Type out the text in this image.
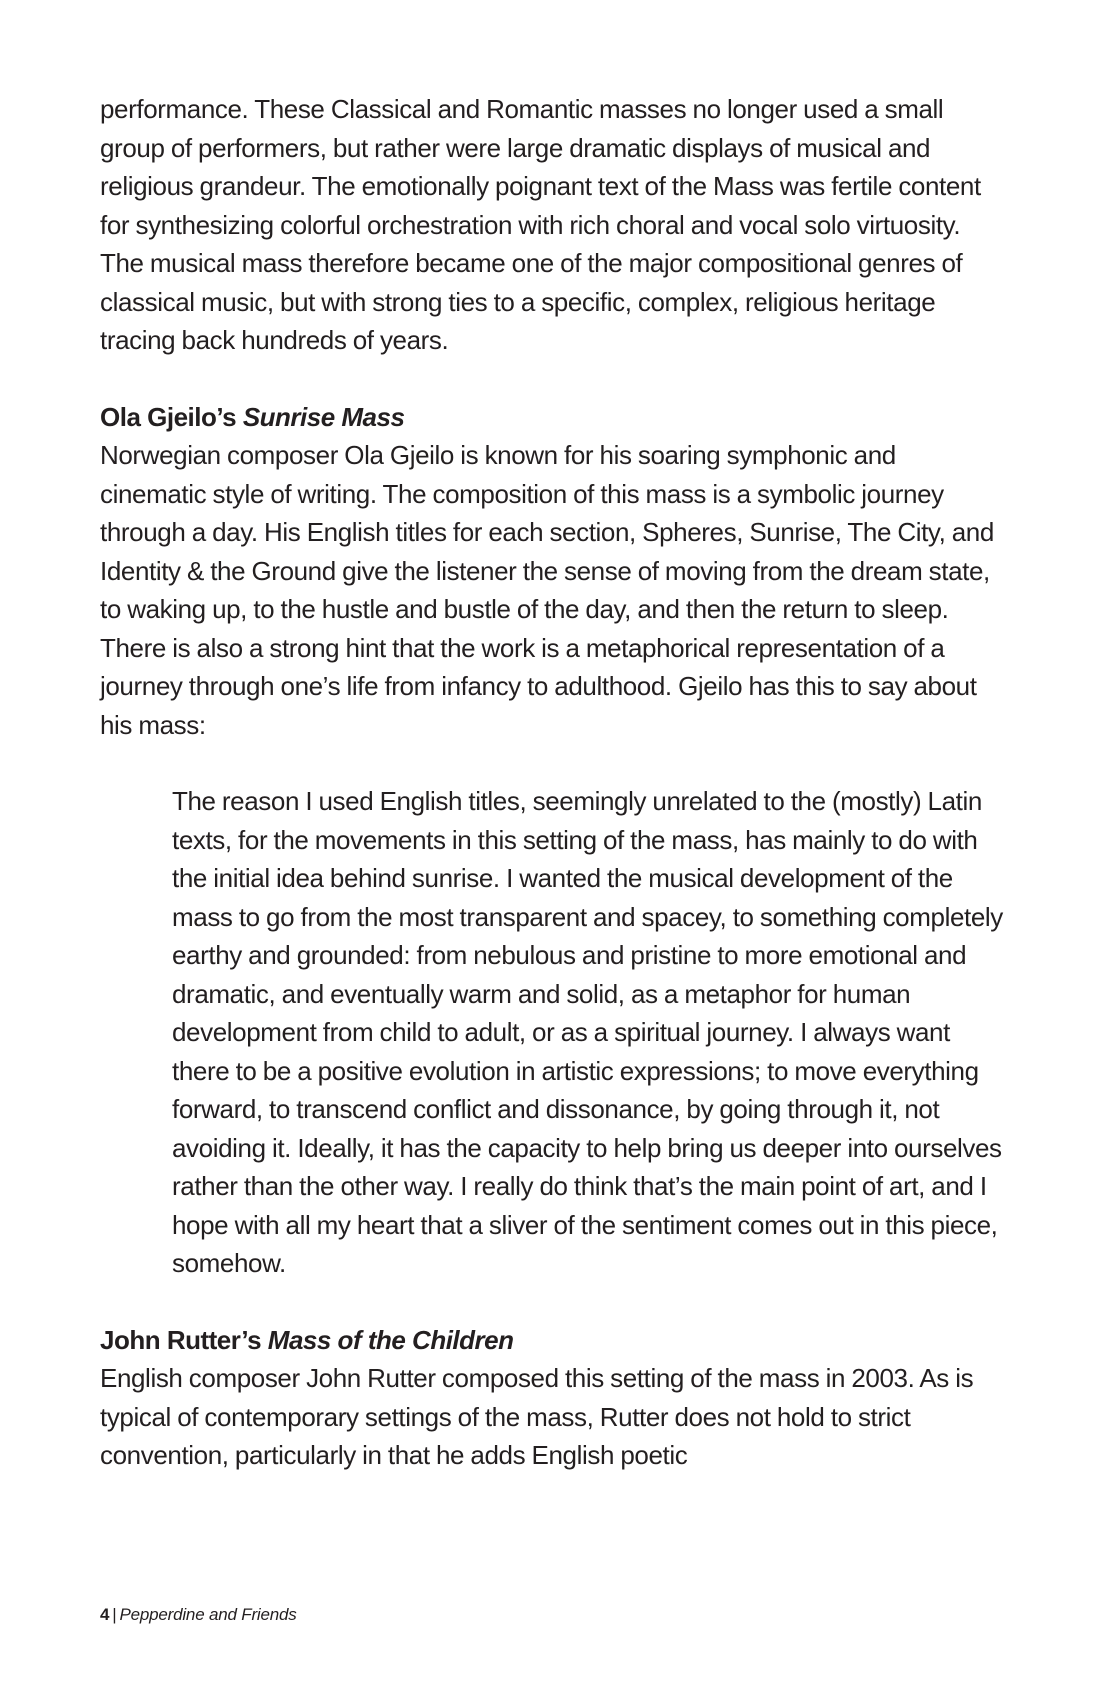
performance. These Classical and Romantic masses no longer used a small group of performers, but rather were large dramatic displays of musical and religious grandeur. The emotionally poignant text of the Mass was fertile content for synthesizing colorful orchestration with rich choral and vocal solo virtuosity. The musical mass therefore became one of the major compositional genres of classical music, but with strong ties to a specific, complex, religious heritage tracing back hundreds of years.

Ola Gjeilo’s Sunrise Mass

Norwegian composer Ola Gjeilo is known for his soaring symphonic and cinematic style of writing. The composition of this mass is a symbolic journey through a day. His English titles for each section, Spheres, Sunrise, The City, and Identity & the Ground give the listener the sense of moving from the dream state, to waking up, to the hustle and bustle of the day, and then the return to sleep. There is also a strong hint that the work is a metaphorical representation of a journey through one’s life from infancy to adulthood. Gjeilo has this to say about his mass:

The reason I used English titles, seemingly unrelated to the (mostly) Latin texts, for the movements in this setting of the mass, has mainly to do with the initial idea behind sunrise. I wanted the musical development of the mass to go from the most transparent and spacey, to something completely earthy and grounded: from nebulous and pristine to more emotional and dramatic, and eventually warm and solid, as a metaphor for human development from child to adult, or as a spiritual journey. I always want there to be a positive evolution in artistic expressions; to move everything forward, to transcend conflict and dissonance, by going through it, not avoiding it. Ideally, it has the capacity to help bring us deeper into ourselves rather than the other way. I really do think that’s the main point of art, and I hope with all my heart that a sliver of the sentiment comes out in this piece, somehow.

John Rutter’s Mass of the Children

English composer John Rutter composed this setting of the mass in 2003. As is typical of contemporary settings of the mass, Rutter does not hold to strict convention, particularly in that he adds English poetic

4 | Pepperdine and Friends
